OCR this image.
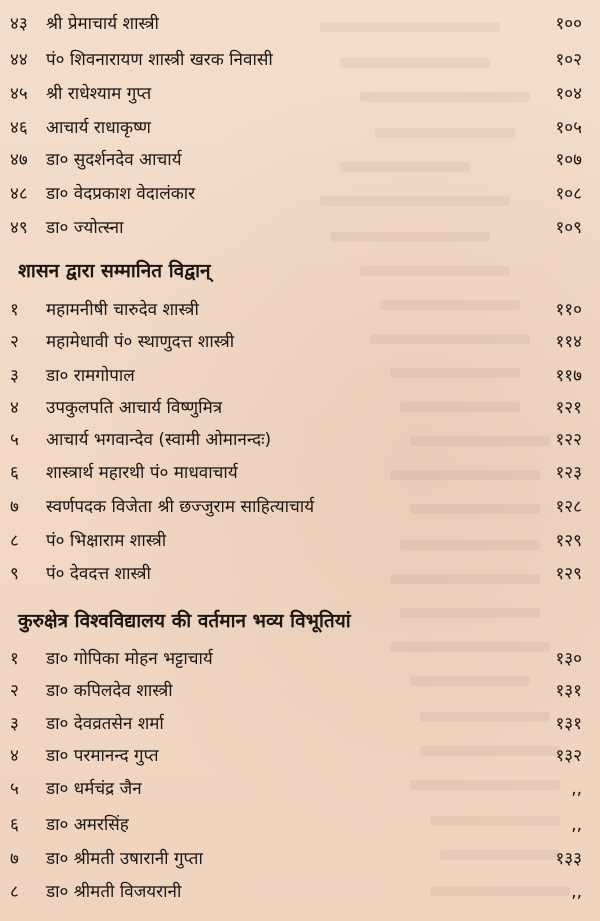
४३	श्री प्रेमाचार्य शास्त्री	१००
४४	पं० शिवनारायण शास्त्री खरक निवासी	१०२
४५	श्री राधेश्याम गुप्त	१०४
४६	आचार्य राधाकृष्ण	१०५
४७	डा० सुदर्शनदेव आचार्य	१०७
४८	डा० वेदप्रकाश वेदालंकार	१०८
४९	डा० ज्योत्स्ना	१०९
शासन द्वारा सम्मानित विद्वान्
१	महामनीषी चारुदेव शास्त्री	११०
२	महामेधावी पं० स्थाणुदत्त शास्त्री	११४
३	डा० रामगोपाल	११७
४	उपकुलपति आचार्य विष्णुमित्र	१२१
५	आचार्य भगवान्देव (स्वामी ओमानन्दः)	१२२
६	शास्त्रार्थ महारथी पं० माधवाचार्य	१२३
७	स्वर्णपदक विजेता श्री छज्जुराम साहित्याचार्य	१२८
८	पं० भिक्षाराम शास्त्री	१२९
९	पं० देवदत्त शास्त्री	१२९
कुरुक्षेत्र विश्वविद्यालय की वर्तमान भव्य विभूतियां
१	डा० गोपिका मोहन भट्टाचार्य	१३०
२	डा० कपिलदेव शास्त्री	१३१
३	डा० देवव्रतसेन शर्मा	१३१
४	डा० परमानन्द गुप्त	१३२
५	डा० धर्मचंद्र जैन	,,
६	डा० अमरसिंह	,,
७	डा० श्रीमती उषारानी गुप्ता	१३३
८	डा० श्रीमती विजयरानी	,,
